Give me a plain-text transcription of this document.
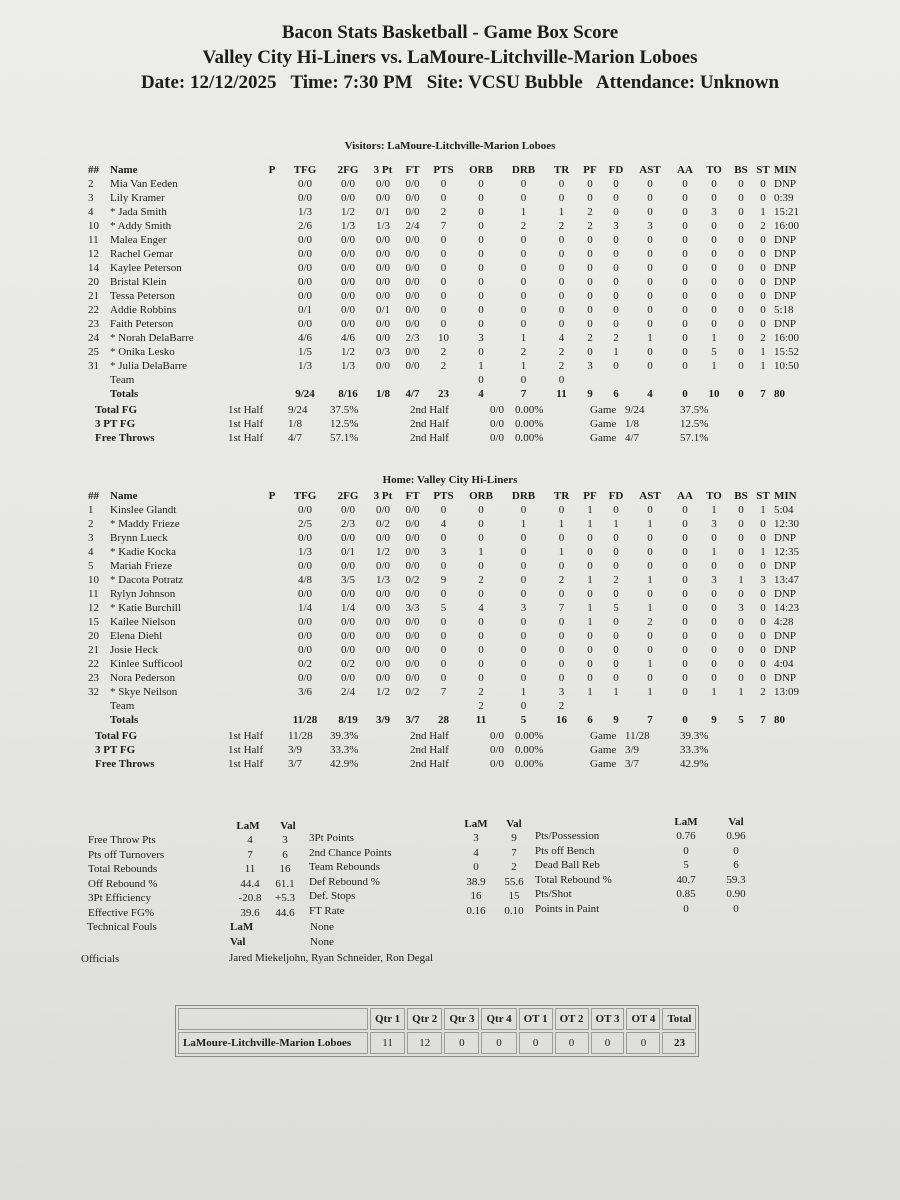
Bacon Stats Basketball - Game Box Score
Valley City Hi-Liners vs. LaMoure-Litchville-Marion Loboes
Date: 12/12/2025   Time: 7:30 PM   Site: VCSU Bubble   Attendance: Unknown
Visitors: LaMoure-Litchville-Marion Loboes
##	Name	P	TFG	2FG	3 Pt	FT	PTS	ORB	DRB	TR	PF	FD	AST	AA	TO	BS	ST	MIN
2	Mia Van Eeden		0/0	0/0	0/0	0/0	0	0	0	0	0	0	0	0	0	0	0	DNP
3	Lily Kramer		0/0	0/0	0/0	0/0	0	0	0	0	0	0	0	0	0	0	0	0:39
4	* Jada Smith		1/3	1/2	0/1	0/0	2	0	1	1	2	0	0	0	3	0	1	15:21
10	* Addy Smith		2/6	1/3	1/3	2/4	7	0	2	2	2	3	3	0	0	0	2	16:00
11	Malea Enger		0/0	0/0	0/0	0/0	0	0	0	0	0	0	0	0	0	0	0	DNP
12	Rachel Gemar		0/0	0/0	0/0	0/0	0	0	0	0	0	0	0	0	0	0	0	DNP
14	Kaylee Peterson		0/0	0/0	0/0	0/0	0	0	0	0	0	0	0	0	0	0	0	DNP
20	Bristal Klein		0/0	0/0	0/0	0/0	0	0	0	0	0	0	0	0	0	0	0	DNP
21	Tessa Peterson		0/0	0/0	0/0	0/0	0	0	0	0	0	0	0	0	0	0	0	DNP
22	Addie Robbins		0/1	0/0	0/1	0/0	0	0	0	0	0	0	0	0	0	0	0	5:18
23	Faith Peterson		0/0	0/0	0/0	0/0	0	0	0	0	0	0	0	0	0	0	0	DNP
24	* Norah DelaBarre		4/6	4/6	0/0	2/3	10	3	1	4	2	2	1	0	1	0	2	16:00
25	* Onika Lesko		1/5	1/2	0/3	0/0	2	0	2	2	0	1	0	0	5	0	1	15:52
31	* Julia DelaBarre		1/3	1/3	0/0	0/0	2	1	1	2	3	0	0	0	1	0	1	10:50
	Team							0	0	0								
	Totals		9/24	8/16	1/8	4/7	23	4	7	11	9	6	4	0	10	0	7	80
Total FG	1st Half 9/24 37.5%	2nd Half	0/0 0.00%	Game 9/24	37.5%
3 PT FG	1st Half 1/8	12.5%	2nd Half	0/0 0.00%	Game 1/8	12.5%
Free Throws	1st Half 4/7	57.1%	2nd Half	0/0 0.00%	Game 4/7	57.1%
Home: Valley City Hi-Liners
##	Name	P	TFG	2FG	3 Pt	FT	PTS	ORB	DRB	TR	PF	FD	AST	AA	TO	BS	ST	MIN
1	Kinslee Glandt		0/0	0/0	0/0	0/0	0	0	0	0	1	0	0	0	1	0	1	5:04
2	* Maddy Frieze		2/5	2/3	0/2	0/0	4	0	1	1	1	1	1	0	3	0	0	12:30
3	Brynn Lueck		0/0	0/0	0/0	0/0	0	0	0	0	0	0	0	0	0	0	0	DNP
4	* Kadie Kocka		1/3	0/1	1/2	0/0	3	1	0	1	0	0	0	0	1	0	1	12:35
5	Mariah Frieze		0/0	0/0	0/0	0/0	0	0	0	0	0	0	0	0	0	0	0	DNP
10	* Dacota Potratz		4/8	3/5	1/3	0/2	9	2	0	2	1	2	1	0	3	1	3	13:47
11	Rylyn Johnson		0/0	0/0	0/0	0/0	0	0	0	0	0	0	0	0	0	0	0	DNP
12	* Katie Burchill		1/4	1/4	0/0	3/3	5	4	3	7	1	5	1	0	0	3	0	14:23
15	Kailee Nielson		0/0	0/0	0/0	0/0	0	0	0	0	1	0	2	0	0	0	0	4:28
20	Elena Diehl		0/0	0/0	0/0	0/0	0	0	0	0	0	0	0	0	0	0	0	DNP
21	Josie Heck		0/0	0/0	0/0	0/0	0	0	0	0	0	0	0	0	0	0	0	DNP
22	Kinlee Sufficool		0/2	0/2	0/0	0/0	0	0	0	0	0	0	1	0	0	0	0	4:04
23	Nora Pederson		0/0	0/0	0/0	0/0	0	0	0	0	0	0	0	0	0	0	0	DNP
32	* Skye Neilson		3/6	2/4	1/2	0/2	7	2	1	3	1	1	1	0	1	1	2	13:09
	Team							2	0	2								
	Totals		11/28	8/19	3/9	3/7	28	11	5	16	6	9	7	0	9	5	7	80
Total FG	1st Half 11/28 39.3%	2nd Half	0/0 0.00%	Game 11/28	39.3%
3 PT FG	1st Half 3/9	33.3%	2nd Half	0/0 0.00%	Game 3/9	33.3%
Free Throws	1st Half 3/7	42.9%	2nd Half	0/0 0.00%	Game 3/7	42.9%
LaM	Val	LaM	Val	LaM	Val
Technical Fouls	LaM	None
Val	None
Officials	Jared Miekeljohn, Ryan Schneider, Ron Degal
Free Throw Pts	4	3
Pts off Turnovers	7	6
Total Rebounds	11	16
Off Rebound %	44.4	61.1
3Pt Efficiency	-20.8	+5.3
Effective FG%	39.6	44.6
3Pt Points	3	9
2nd Chance Points	4	7
Team Rebounds	0	2
Def Rebound %	38.9	55.6
Def. Stops	16	15
FT Rate	0.16	0.10
Pts/Possession	0.76	0.96
Pts off Bench	0	0
Dead Ball Reb	5	6
Total Rebound %	40.7	59.3
Pts/Shot	0.85	0.90
Points in Paint	0	0
	Qtr 1	Qtr 2	Qtr 3	Qtr 4	OT 1	OT 2	OT 3	OT 4	Total
LaMoure-Litchville-Marion Loboes	11	12	0	0	0	0	0	0	23
